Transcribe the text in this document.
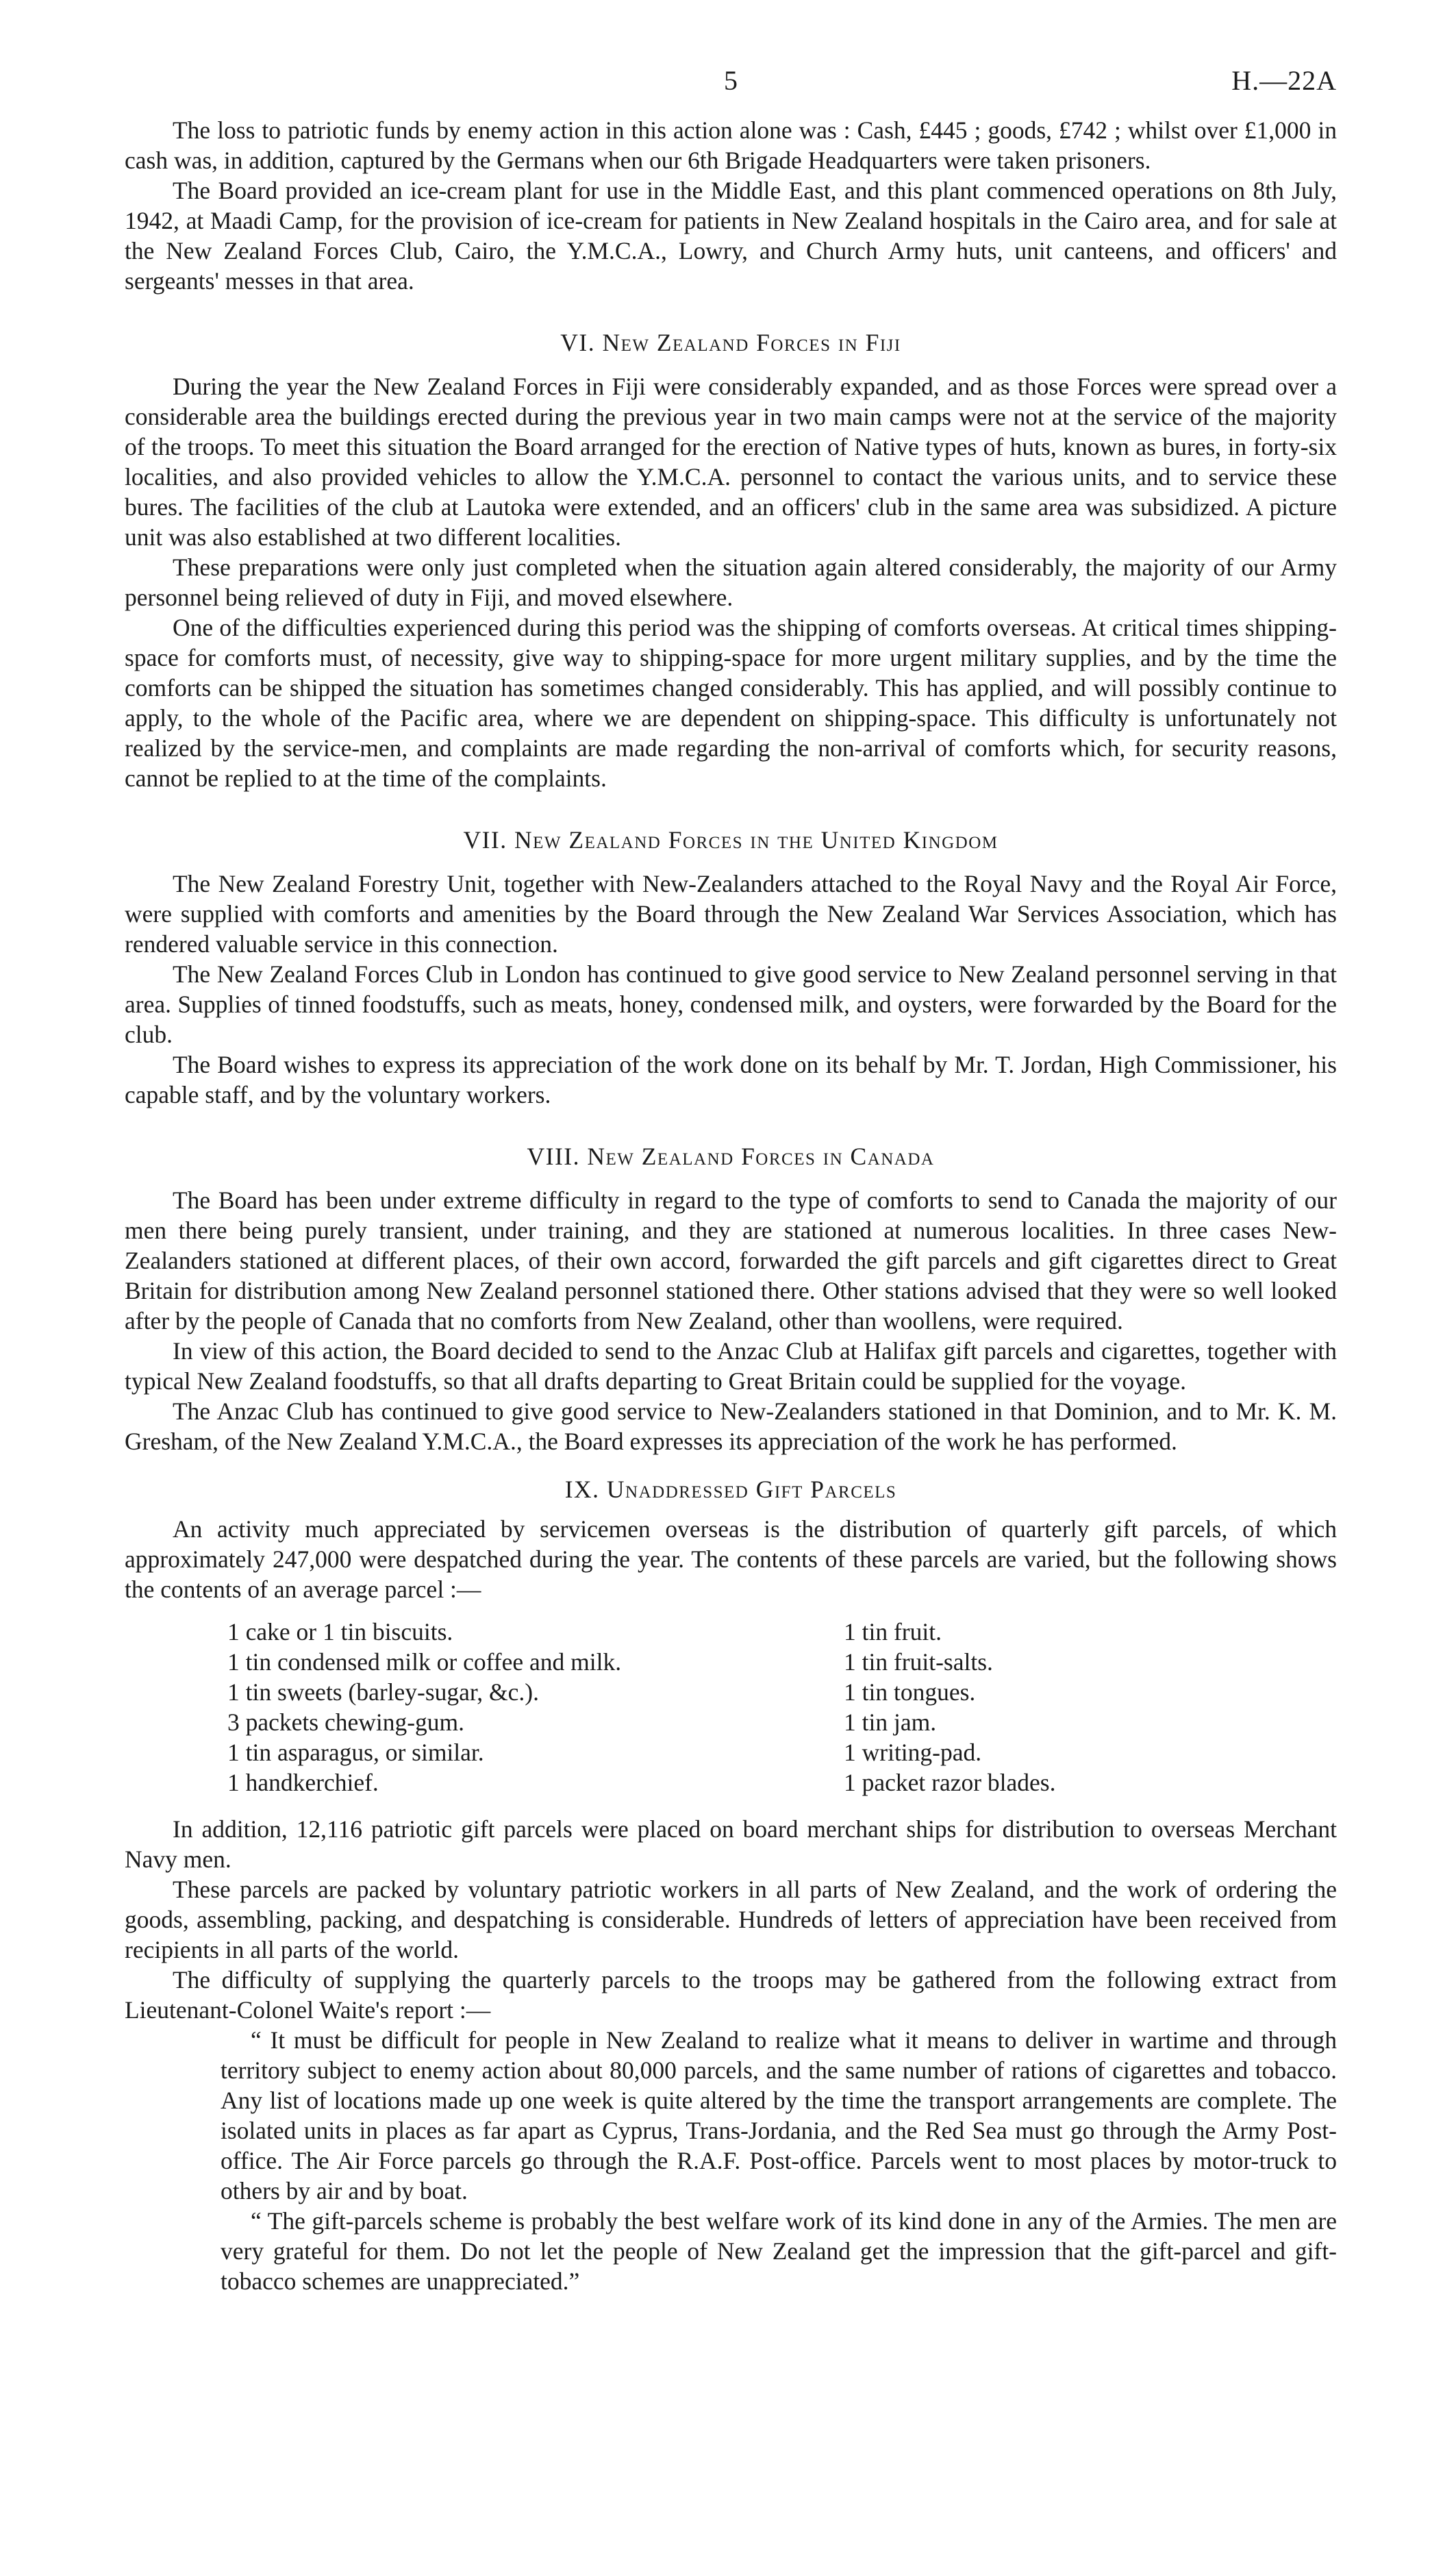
5	H.—22A

The loss to patriotic funds by enemy action in this action alone was : Cash, £445 ; goods, £742 ; whilst over £1,000 in cash was, in addition, captured by the Germans when our 6th Brigade Headquarters were taken prisoners.

The Board provided an ice-cream plant for use in the Middle East, and this plant commenced operations on 8th July, 1942, at Maadi Camp, for the provision of ice-cream for patients in New Zealand hospitals in the Cairo area, and for sale at the New Zealand Forces Club, Cairo, the Y.M.C.A., Lowry, and Church Army huts, unit canteens, and officers' and sergeants' messes in that area.

VI. New Zealand Forces in Fiji

During the year the New Zealand Forces in Fiji were considerably expanded, and as those Forces were spread over a considerable area the buildings erected during the previous year in two main camps were not at the service of the majority of the troops. To meet this situation the Board arranged for the erection of Native types of huts, known as bures, in forty-six localities, and also provided vehicles to allow the Y.M.C.A. personnel to contact the various units, and to service these bures. The facilities of the club at Lautoka were extended, and an officers' club in the same area was subsidized. A picture unit was also established at two different localities.

These preparations were only just completed when the situation again altered considerably, the majority of our Army personnel being relieved of duty in Fiji, and moved elsewhere.

One of the difficulties experienced during this period was the shipping of comforts overseas. At critical times shipping-space for comforts must, of necessity, give way to shipping-space for more urgent military supplies, and by the time the comforts can be shipped the situation has sometimes changed considerably. This has applied, and will possibly continue to apply, to the whole of the Pacific area, where we are dependent on shipping-space. This difficulty is unfortunately not realized by the service-men, and complaints are made regarding the non-arrival of comforts which, for security reasons, cannot be replied to at the time of the complaints.

VII. New Zealand Forces in the United Kingdom

The New Zealand Forestry Unit, together with New-Zealanders attached to the Royal Navy and the Royal Air Force, were supplied with comforts and amenities by the Board through the New Zealand War Services Association, which has rendered valuable service in this connection.

The New Zealand Forces Club in London has continued to give good service to New Zealand personnel serving in that area. Supplies of tinned foodstuffs, such as meats, honey, condensed milk, and oysters, were forwarded by the Board for the club.

The Board wishes to express its appreciation of the work done on its behalf by Mr. T. Jordan, High Commissioner, his capable staff, and by the voluntary workers.

VIII. New Zealand Forces in Canada

The Board has been under extreme difficulty in regard to the type of comforts to send to Canada the majority of our men there being purely transient, under training, and they are stationed at numerous localities. In three cases New-Zealanders stationed at different places, of their own accord, forwarded the gift parcels and gift cigarettes direct to Great Britain for distribution among New Zealand personnel stationed there. Other stations advised that they were so well looked after by the people of Canada that no comforts from New Zealand, other than woollens, were required.

In view of this action, the Board decided to send to the Anzac Club at Halifax gift parcels and cigarettes, together with typical New Zealand foodstuffs, so that all drafts departing to Great Britain could be supplied for the voyage.

The Anzac Club has continued to give good service to New-Zealanders stationed in that Dominion, and to Mr. K. M. Gresham, of the New Zealand Y.M.C.A., the Board expresses its appreciation of the work he has performed.

IX. Unaddressed Gift Parcels

An activity much appreciated by servicemen overseas is the distribution of quarterly gift parcels, of which approximately 247,000 were despatched during the year. The contents of these parcels are varied, but the following shows the contents of an average parcel :—

1 cake or 1 tin biscuits.
1 tin condensed milk or coffee and milk.
1 tin sweets (barley-sugar, &c.).
3 packets chewing-gum.
1 tin asparagus, or similar.
1 handkerchief.
1 tin fruit.
1 tin fruit-salts.
1 tin tongues.
1 tin jam.
1 writing-pad.
1 packet razor blades.

In addition, 12,116 patriotic gift parcels were placed on board merchant ships for distribution to overseas Merchant Navy men.

These parcels are packed by voluntary patriotic workers in all parts of New Zealand, and the work of ordering the goods, assembling, packing, and despatching is considerable. Hundreds of letters of appreciation have been received from recipients in all parts of the world.

The difficulty of supplying the quarterly parcels to the troops may be gathered from the following extract from Lieutenant-Colonel Waite's report :—

“ It must be difficult for people in New Zealand to realize what it means to deliver in wartime and through territory subject to enemy action about 80,000 parcels, and the same number of rations of cigarettes and tobacco. Any list of locations made up one week is quite altered by the time the transport arrangements are complete. The isolated units in places as far apart as Cyprus, Trans-Jordania, and the Red Sea must go through the Army Post-office. The Air Force parcels go through the R.A.F. Post-office. Parcels went to most places by motor-truck to others by air and by boat.

“ The gift-parcels scheme is probably the best welfare work of its kind done in any of the Armies. The men are very grateful for them. Do not let the people of New Zealand get the impression that the gift-parcel and gift-tobacco schemes are unappreciated.”
